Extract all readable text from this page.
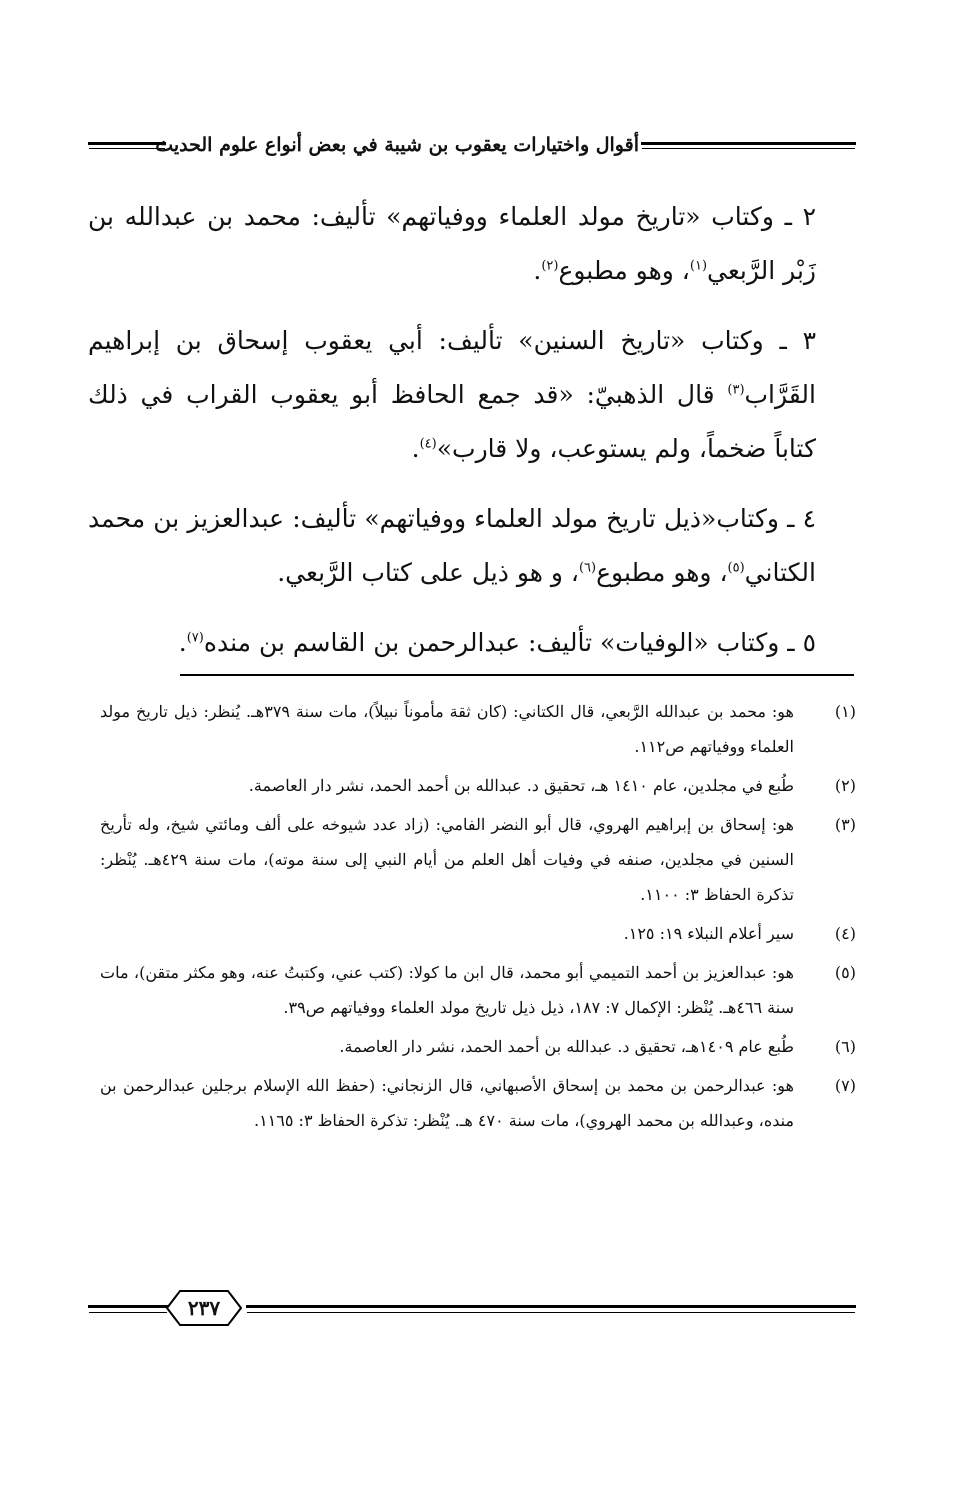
أقوال واختيارات يعقوب بن شيبة في بعض أنواع علوم الحديث

٢ ـ وكتاب «تاريخ مولد العلماء ووفياتهم» تأليف: محمد بن عبدالله بن زَبْر الرَّبعي$^{(١)}$، وهو مطبوع$^{(٢)}$.

٣ ـ وكتاب «تاريخ السنين» تأليف: أبي يعقوب إسحاق بن إبراهيم القَرَّاب$^{(٣)}$ قال الذهبيّ: «قد جمع الحافظ أبو يعقوب القراب في ذلك كتاباً ضخماً، ولم يستوعب، ولا قارب»$^{(٤)}$.

٤ ـ وكتاب«ذيل تاريخ مولد العلماء ووفياتهم» تأليف: عبدالعزيز بن محمد الكتاني$^{(٥)}$، وهو مطبوع$^{(٦)}$، و هو ذيل على كتاب الرَّبعي.

٥ ـ وكتاب «الوفيات» تأليف: عبدالرحمن بن القاسم بن منده$^{(٧)}$.

(١)
هو: محمد بن عبدالله الرَّبعي، قال الكتاني: (كان ثقة مأموناً نبيلاً)، مات سنة ٣٧٩هـ. يُنظر: ذيل تاريخ مولد العلماء ووفياتهم ص١١٢.
(٢)
طُبع في مجلدين، عام ١٤١٠ هـ، تحقيق د. عبدالله بن أحمد الحمد، نشر دار العاصمة.
(٣)
هو: إسحاق بن إبراهيم الهروي، قال أبو النضر الفامي: (زاد عدد شيوخه على ألف ومائتي شيخ، وله تأريخ السنين في مجلدين، صنفه في وفيات أهل العلم من أيام النبي إلى سنة موته)، مات سنة ٤٢٩هـ. يُنْظر: تذكرة الحفاظ ٣: ١١٠٠.
(٤)
سير أعلام النبلاء ١٩: ١٢٥.
(٥)
هو: عبدالعزيز بن أحمد التميمي أبو محمد، قال ابن ما كولا: (كتب عني، وكتبتُ عنه، وهو مكثر متقن)، مات سنة ٤٦٦هـ. يُنْظر: الإكمال ٧: ١٨٧، ذيل ذيل تاريخ مولد العلماء ووفياتهم ص٣٩.
(٦)
طُبع عام ١٤٠٩هـ، تحقيق د. عبدالله بن أحمد الحمد، نشر دار العاصمة.
(٧)
هو: عبدالرحمن بن محمد بن إسحاق الأصبهاني، قال الزنجاني: (حفظ الله الإسلام برجلين عبدالرحمن بن منده، وعبدالله بن محمد الهروي)، مات سنة ٤٧٠ هـ. يُنْظر: تذكرة الحفاظ ٣: ١١٦٥.
٢٣٧
